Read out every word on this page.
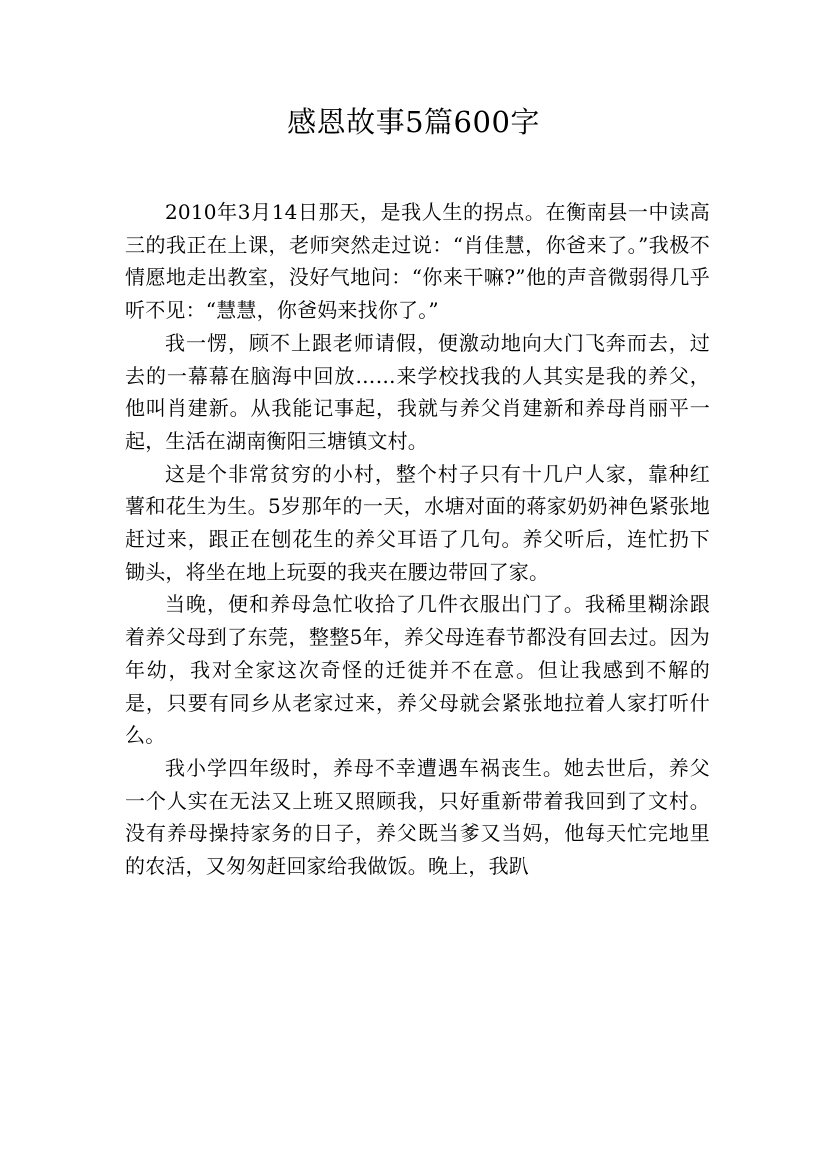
感恩故事5篇600字

2010年3月14日那天，是我人生的拐点。在衡南县一中读高三的我正在上课，老师突然走过说：“肖佳慧，你爸来了。”我极不情愿地走出教室，没好气地问：“你来干嘛?”他的声音微弱得几乎听不见：“慧慧，你爸妈来找你了。”

我一愣，顾不上跟老师请假，便激动地向大门飞奔而去，过去的一幕幕在脑海中回放……来学校找我的人其实是我的养父，他叫肖建新。从我能记事起，我就与养父肖建新和养母肖丽平一起，生活在湖南衡阳三塘镇文村。

这是个非常贫穷的小村，整个村子只有十几户人家，靠种红薯和花生为生。5岁那年的一天，水塘对面的蒋家奶奶神色紧张地赶过来，跟正在刨花生的养父耳语了几句。养父听后，连忙扔下锄头，将坐在地上玩耍的我夹在腰边带回了家。

当晚，便和养母急忙收拾了几件衣服出门了。我稀里糊涂跟着养父母到了东莞，整整5年，养父母连春节都没有回去过。因为年幼，我对全家这次奇怪的迁徙并不在意。但让我感到不解的是，只要有同乡从老家过来，养父母就会紧张地拉着人家打听什么。

我小学四年级时，养母不幸遭遇车祸丧生。她去世后，养父一个人实在无法又上班又照顾我，只好重新带着我回到了文村。没有养母操持家务的日子，养父既当爹又当妈，他每天忙完地里的农活，又匆匆赶回家给我做饭。晚上，我趴
